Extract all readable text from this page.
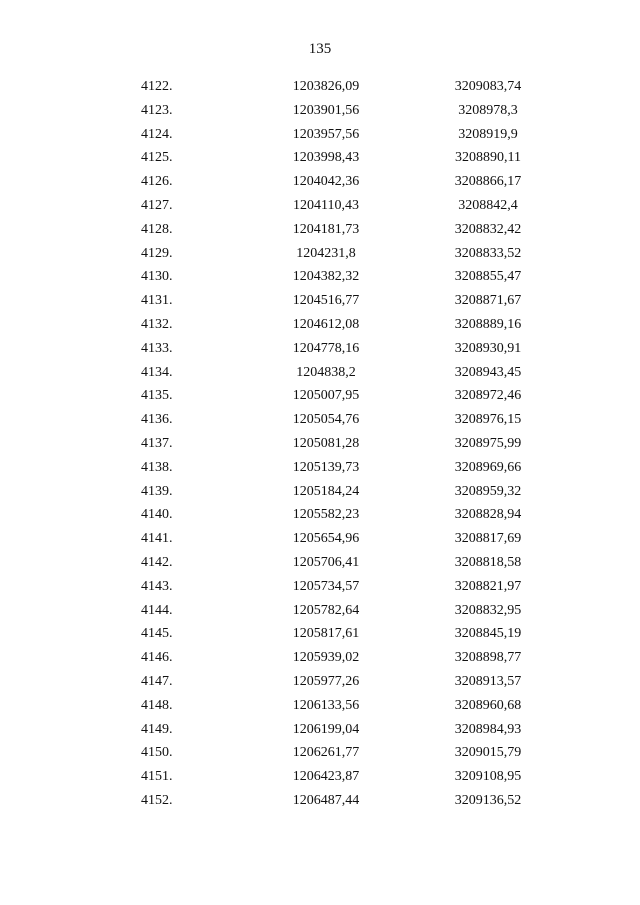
135
4122.	1203826,09	3209083,74
4123.	1203901,56	3208978,3
4124.	1203957,56	3208919,9
4125.	1203998,43	3208890,11
4126.	1204042,36	3208866,17
4127.	1204110,43	3208842,4
4128.	1204181,73	3208832,42
4129.	1204231,8	3208833,52
4130.	1204382,32	3208855,47
4131.	1204516,77	3208871,67
4132.	1204612,08	3208889,16
4133.	1204778,16	3208930,91
4134.	1204838,2	3208943,45
4135.	1205007,95	3208972,46
4136.	1205054,76	3208976,15
4137.	1205081,28	3208975,99
4138.	1205139,73	3208969,66
4139.	1205184,24	3208959,32
4140.	1205582,23	3208828,94
4141.	1205654,96	3208817,69
4142.	1205706,41	3208818,58
4143.	1205734,57	3208821,97
4144.	1205782,64	3208832,95
4145.	1205817,61	3208845,19
4146.	1205939,02	3208898,77
4147.	1205977,26	3208913,57
4148.	1206133,56	3208960,68
4149.	1206199,04	3208984,93
4150.	1206261,77	3209015,79
4151.	1206423,87	3209108,95
4152.	1206487,44	3209136,52
